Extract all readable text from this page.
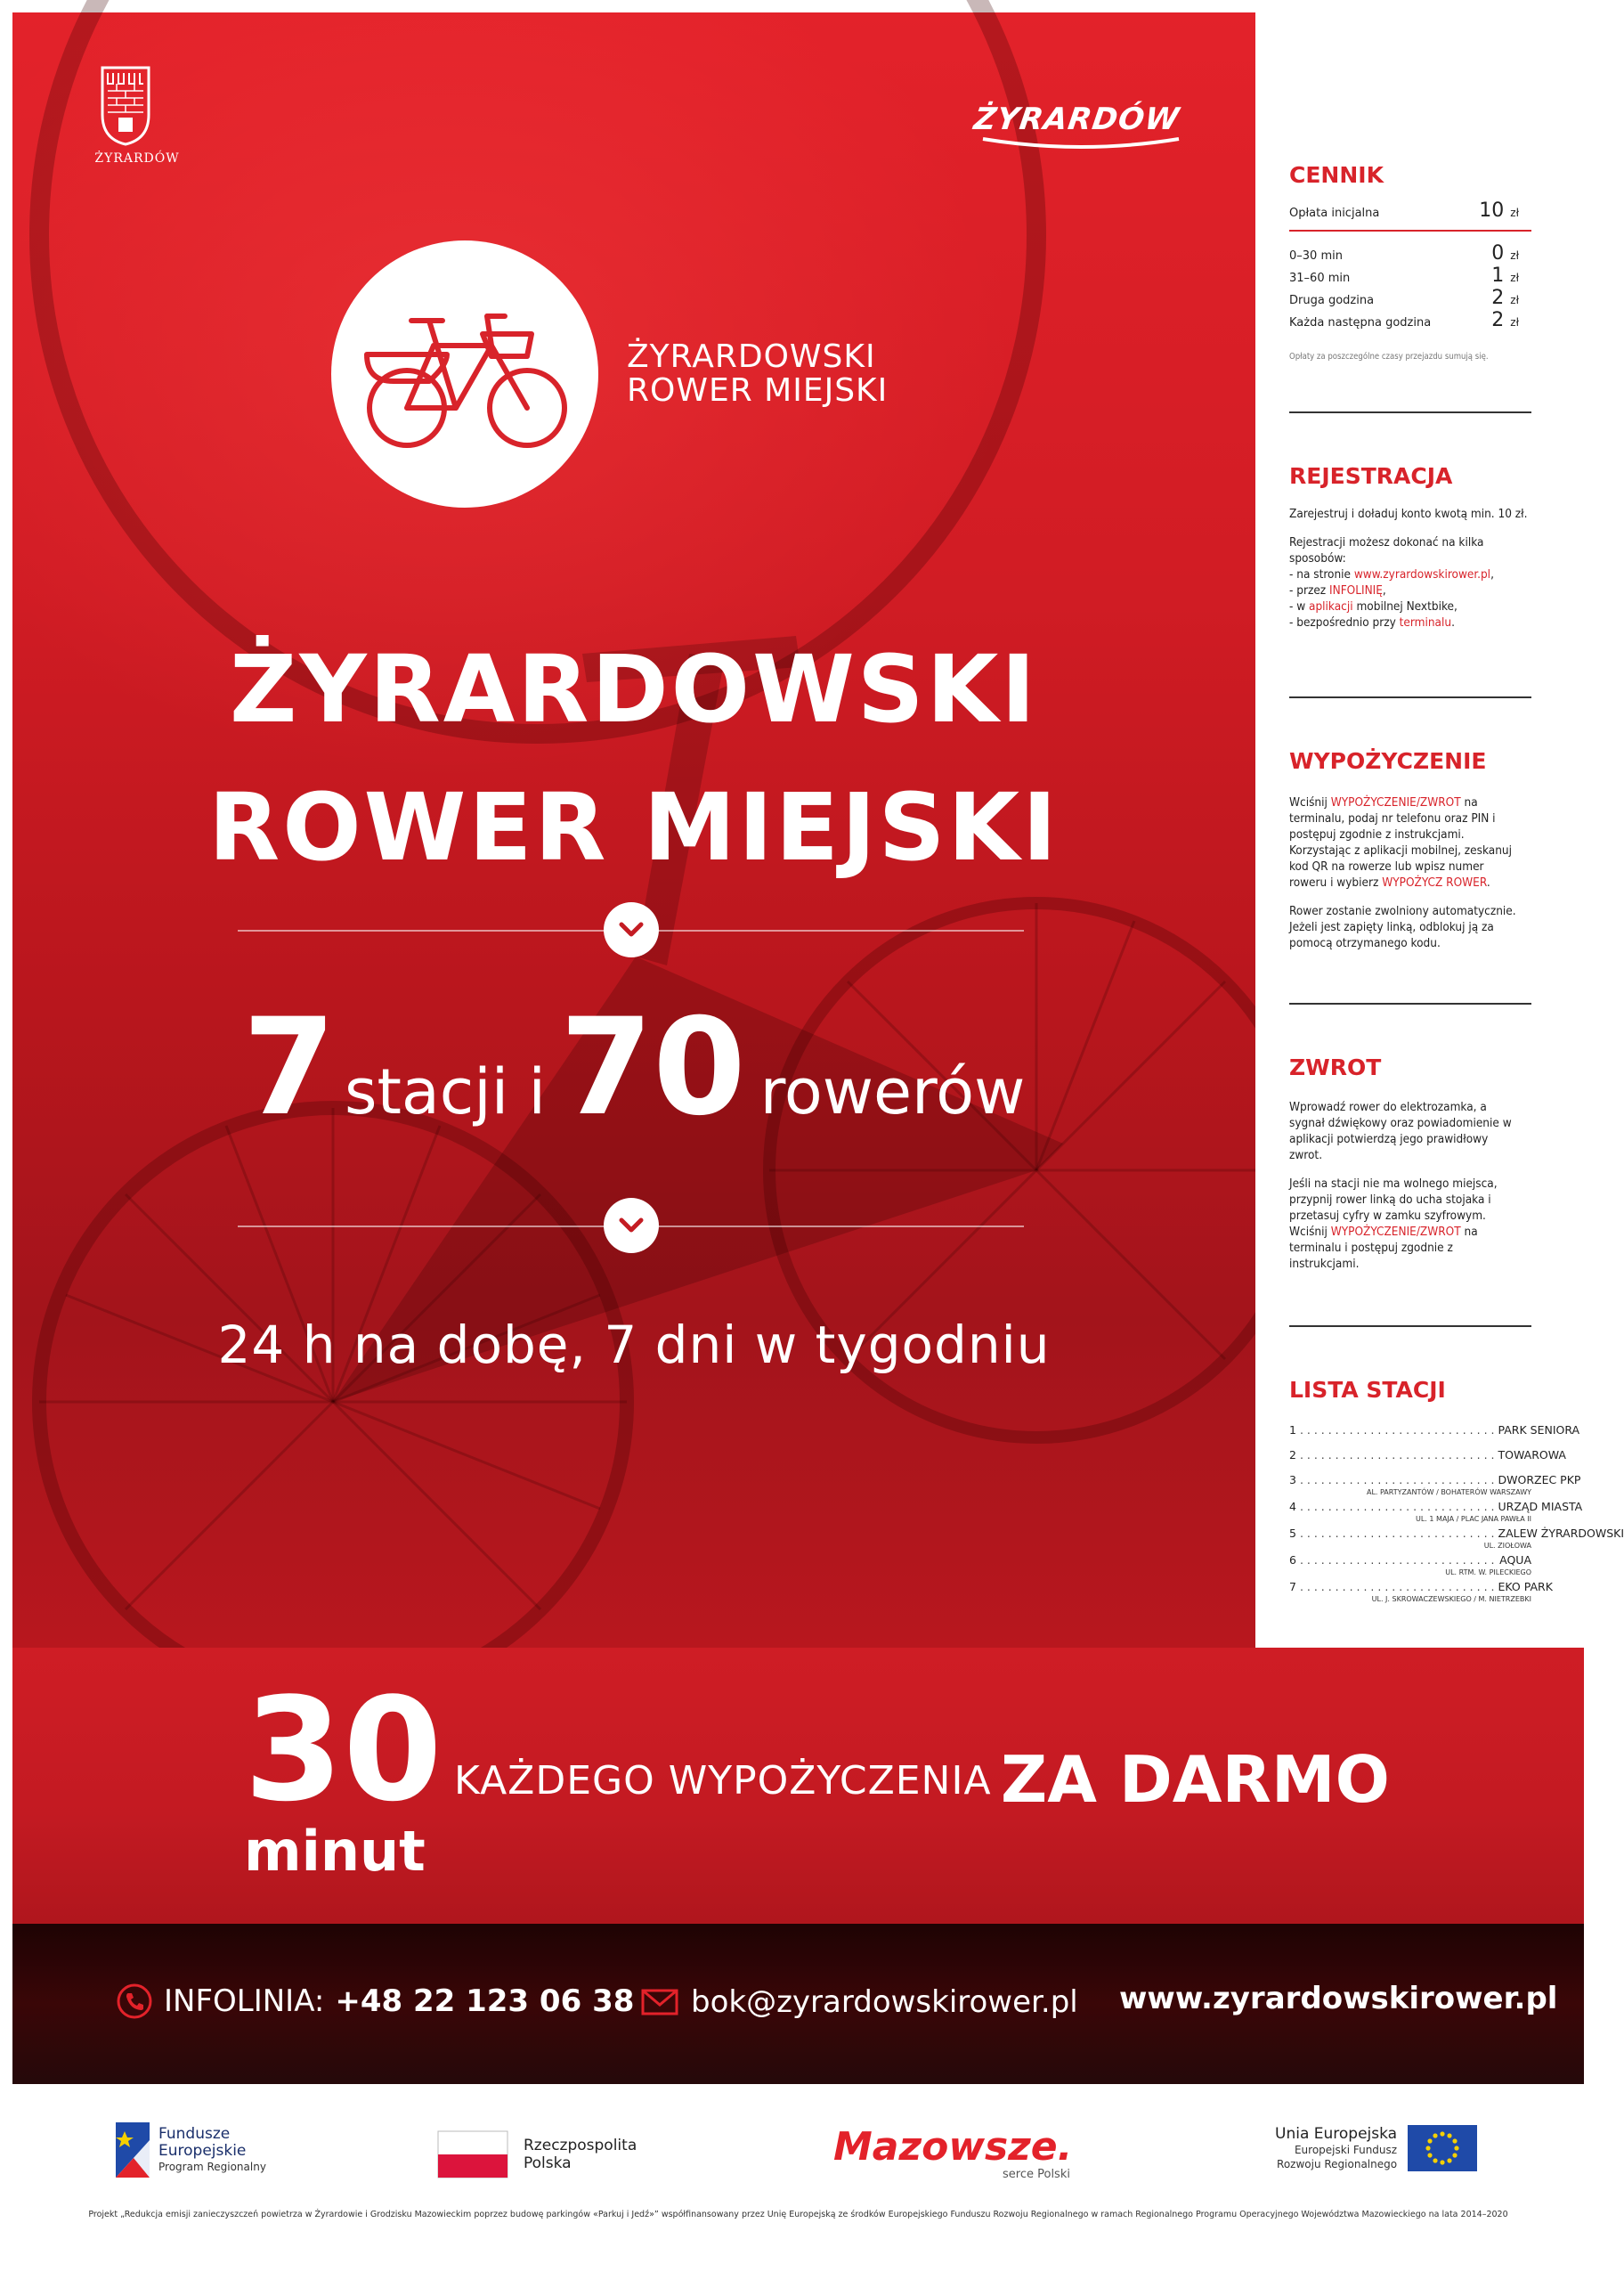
ŻYRARDÓW
ŻYRARDÓW
ŻYRARDOWSKI
ROWER MIEJSKI
ŻYRARDOWSKI
ROWER MIEJSKI
7 stacji i 70 rowerów
24 h na dobę, 7 dni w tygodniu
CENNIK
Opłata inicjalna	10 zł
0–30 min	0 zł
31–60 min	1 zł
Druga godzina	2 zł
Każda następna godzina	2 zł
Opłaty za poszczególne czasy przejazdu sumują się.
REJESTRACJA
Zarejestruj i doładuj konto kwotą min. 10 zł.
Rejestracji możesz dokonać na kilka sposobów:
- na stronie www.zyrardowskirower.pl,
- przez INFOLINIĘ,
- w aplikacji mobilnej Nextbike,
- bezpośrednio przy terminalu.
WYPOŻYCZENIE
Wciśnij WYPOŻYCZENIE/ZWROT na terminalu, podaj nr telefonu oraz PIN i postępuj zgodnie z instrukcjami. Korzystając z aplikacji mobilnej, zeskanuj kod QR na rowerze lub wpisz numer roweru i wybierz WYPOŻYCZ ROWER.
Rower zostanie zwolniony automatycznie. Jeżeli jest zapięty linką, odblokuj ją za pomocą otrzymanego kodu.
ZWROT
Wprowadź rower do elektrozamka, a sygnał dźwiękowy oraz powiadomienie w aplikacji potwierdzą jego prawidłowy zwrot.
Jeśli na stacji nie ma wolnego miejsca, przypnij rower linką do ucha stojaka i przetasuj cyfry w zamku szyfrowym. Wciśnij WYPOŻYCZENIE/ZWROT na terminalu i postępuj zgodnie z instrukcjami.
LISTA STACJI
1 . . . . . . . . . . . . . . . . . . . . . . . . . . . . PARK SENIORA
2 . . . . . . . . . . . . . . . . . . . . . . . . . . . . TOWAROWA
3 . . . . . . . . . . . . . . . . . . . . . . . . . . . . DWORZEC PKP
AL. PARTYZANTÓW / BOHATERÓW WARSZAWY
4 . . . . . . . . . . . . . . . . . . . . . . . . . . . . URZĄD MIASTA
UL. 1 MAJA / PLAC JANA PAWŁA II
5 . . . . . . . . . . . . . . . . . . . . . . . . . . . . ZALEW ŻYRARDOWSKI
UL. ZIOŁOWA
6 . . . . . . . . . . . . . . . . . . . . . . . . . . . . AQUA
UL. RTM. W. PILECKIEGO
7 . . . . . . . . . . . . . . . . . . . . . . . . . . . . EKO PARK
UL. J. SKROWACZEWSKIEGO / M. NIETRZEBKI
30
minut
KAŻDEGO WYPOŻYCZENIA ZA DARMO
INFOLINIA: +48 22 123 06 38 bok@zyrardowskirower.pl www.zyrardowskirower.pl
Fundusze
Europejskie
Program Regionalny
Rzeczpospolita
Polska	Mazowsze.
serce Polski
Unia Europejska
Europejski Fundusz
Rozwoju Regionalnego
Projekt „Redukcja emisji zanieczyszczeń powietrza w Żyrardowie i Grodzisku Mazowieckim poprzez budowę parkingów «Parkuj i Jedź»” współfinansowany przez Unię Europejską ze środków Europejskiego Funduszu Rozwoju Regionalnego w ramach Regionalnego Programu Operacyjnego Województwa Mazowieckiego na lata 2014–2020
